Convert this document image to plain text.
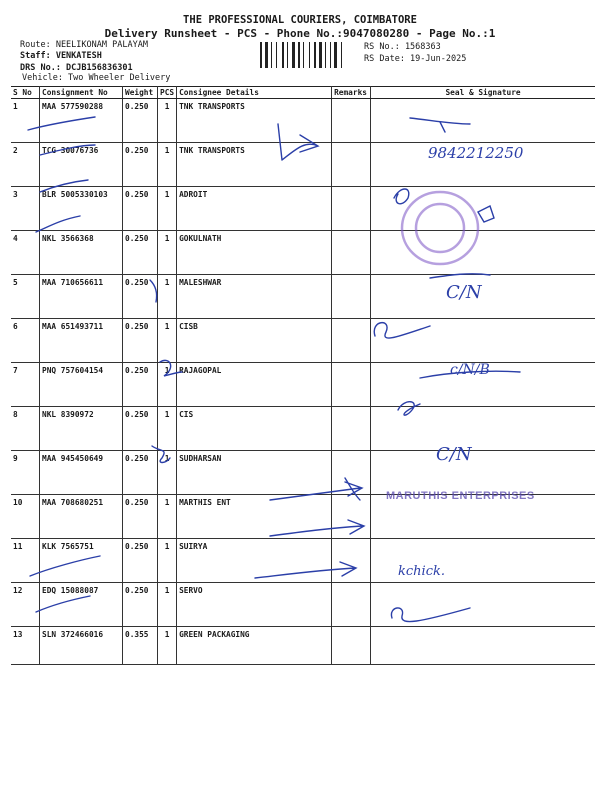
THE PROFESSIONAL COURIERS, COIMBATORE
Delivery Runsheet - PCS - Phone No.:9047080280 - Page No.:1
Route: NEELIKONAM PALAYAM
Staff: VENKATESH
DRS No.: DCJB156836301
Vehicle: Two Wheeler Delivery
RS No.: 1568363
RS Date: 19-Jun-2025
S No	Consignment No	Weight	PCS	Consignee Details	Remarks	Seal & Signature
1	MAA 577590288	0.250	1	TNK TRANSPORTS		
2	TCG 30076736	0.250	1	TNK TRANSPORTS		
3	BLR 5005330103	0.250	1	ADROIT		
4	NKL 3566368	0.250	1	GOKULNATH		
5	MAA 710656611	0.250	1	MALESHWAR		
6	MAA 651493711	0.250	1	CISB		
7	PNQ 757604154	0.250	1	RAJAGOPAL		
8	NKL 8390972	0.250	1	CIS		
9	MAA 945450649	0.250	1	SUDHARSAN		
10	MAA 708680251	0.250	1	MARTHIS ENT		
11	KLK 7565751	0.250	1	SUIRYA		
12	EDQ 15088087	0.250	1	SERVO		
13	SLN 372466016	0.355	1	GREEN PACKAGING		
9842212250
C/N
c/N/B
C/N
MARUTHIS ENTERPRISES
kchick.
